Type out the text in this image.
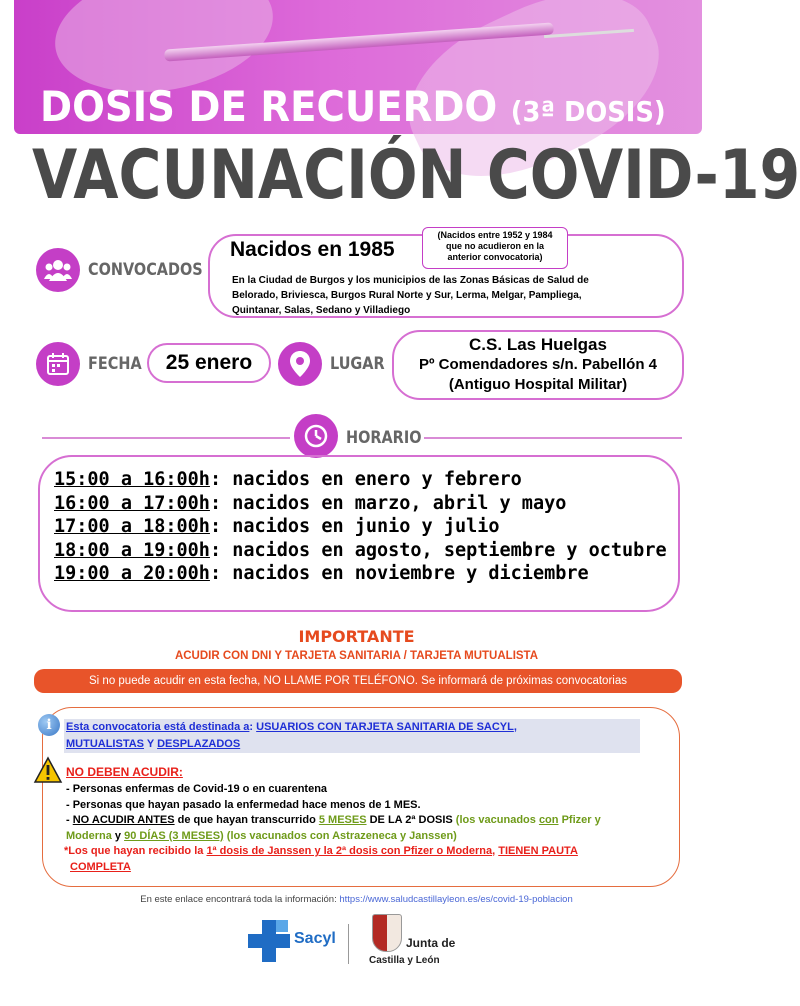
DOSIS DE RECUERDO (3ª DOSIS)
VACUNACIÓN COVID-19
CONVOCADOS
Nacidos en 1985
(Nacidos entre 1952 y 1984
que no acudieron en la
anterior convocatoria)
En la Ciudad de Burgos y los municipios de las Zonas Básicas de Salud de
Belorado, Briviesca, Burgos Rural Norte y Sur, Lerma, Melgar, Pampliega,
Quintanar, Salas, Sedano y Villadiego
FECHA	25 enero	LUGAR
C.S. Las Huelgas
Pº Comendadores s/n. Pabellón 4
(Antiguo Hospital Militar)
HORARIO
15:00 a 16:00h: nacidos en enero y febrero
16:00 a 17:00h: nacidos en marzo, abril y mayo
17:00 a 18:00h: nacidos en junio y julio
18:00 a 19:00h: nacidos en agosto, septiembre y octubre
19:00 a 20:00h: nacidos en noviembre y diciembre
IMPORTANTE
ACUDIR CON DNI Y TARJETA SANITARIA / TARJETA MUTUALISTA
Si no puede acudir en esta fecha, NO LLAME POR TELÉFONO. Se informará de próximas convocatorias
i	Esta convocatoria está destinada a: USUARIOS CON TARJETA SANITARIA DE SACYL,
MUTUALISTAS Y DESPLAZADOS
NO DEBEN ACUDIR:
- Personas enfermas de Covid-19 o en cuarentena
- Personas que hayan pasado la enfermedad hace menos de 1 MES.
- NO ACUDIR ANTES de que hayan transcurrido 5 MESES DE LA 2ª DOSIS (los vacunados con Pfizer y
Moderna y 90 DÍAS (3 MESES) (los vacunados con Astrazeneca y Janssen)
*Los que hayan recibido la 1ª dosis de Janssen y la 2ª dosis con Pfizer o Moderna, TIENEN PAUTA
COMPLETA
En este enlace encontrará toda la información: https://www.saludcastillayleon.es/es/covid-19-poblacion
Sacyl	Junta de
Castilla y León
